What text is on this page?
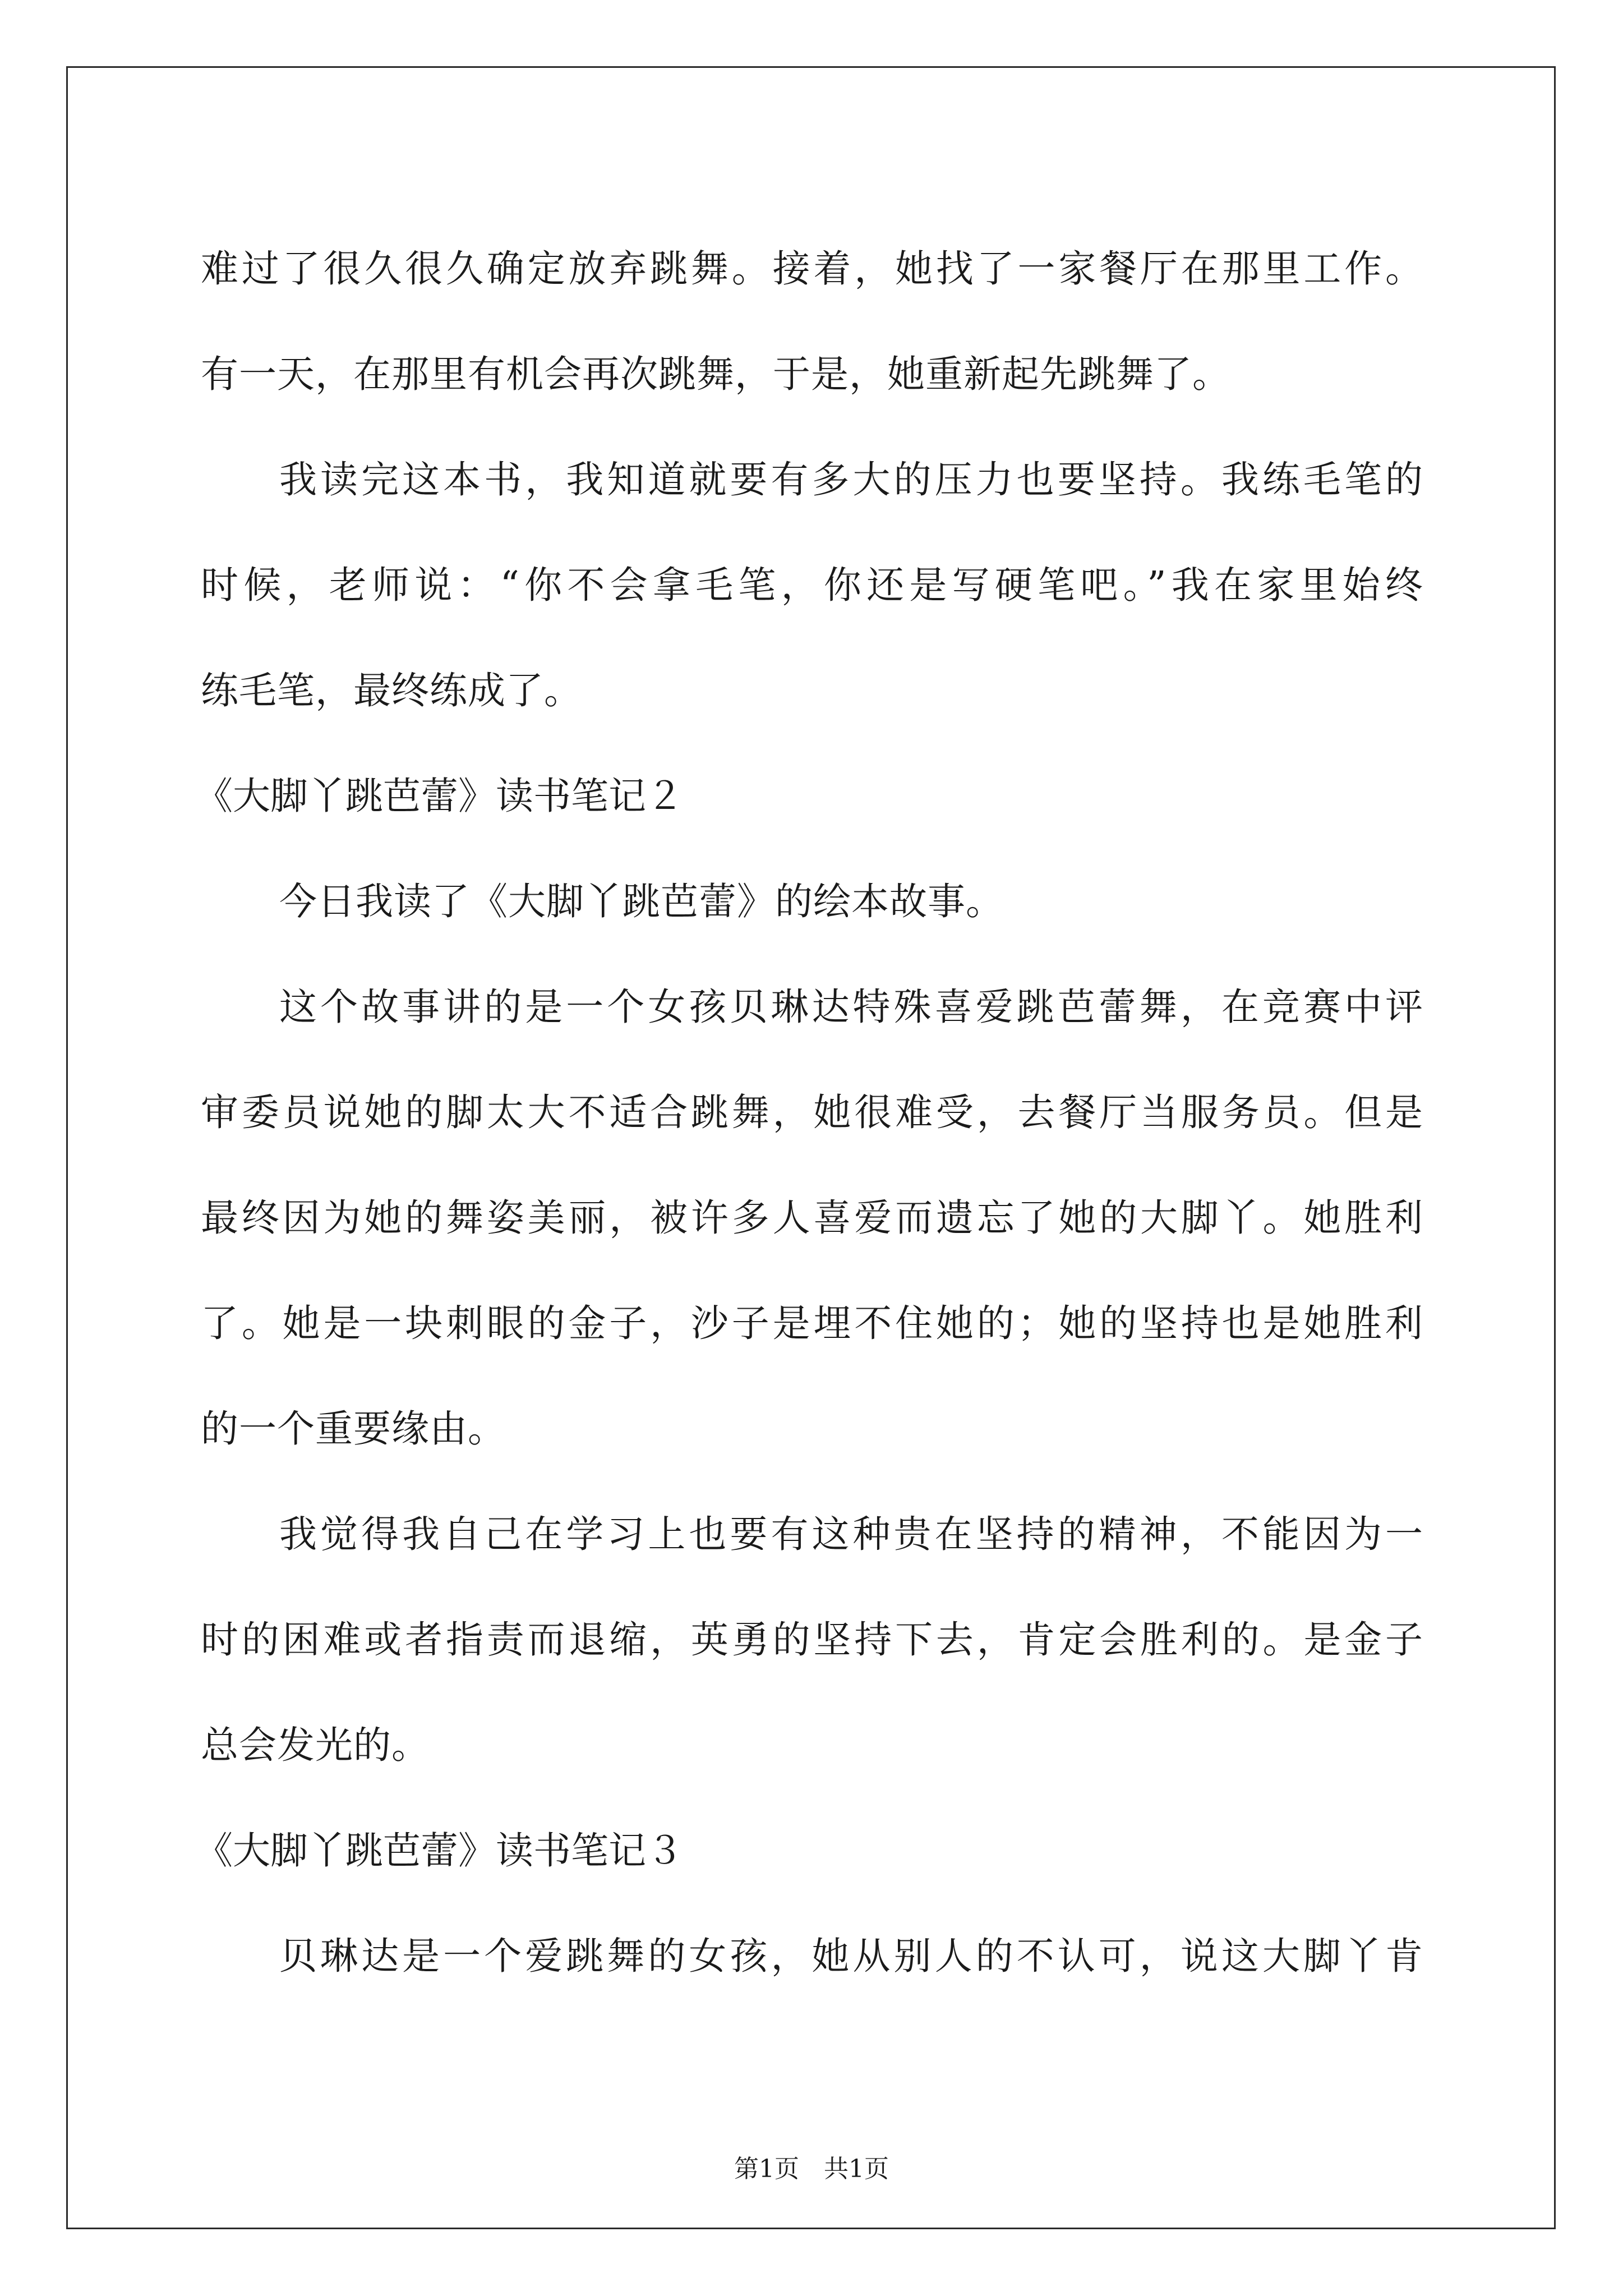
难过了很久很久确定放弃跳舞。接着，她找了一家餐厅在那里工作。
有一天，在那里有机会再次跳舞，于是，她重新起先跳舞了。
我读完这本书，我知道就要有多大的压力也要坚持。我练毛笔的
时候，老师说：“你不会拿毛笔，你还是写硬笔吧。”我在家里始终
练毛笔，最终练成了。
《大脚丫跳芭蕾》读书笔记２
今日我读了《大脚丫跳芭蕾》的绘本故事。
这个故事讲的是一个女孩贝琳达特殊喜爱跳芭蕾舞，在竞赛中评
审委员说她的脚太大不适合跳舞，她很难受，去餐厅当服务员。但是
最终因为她的舞姿美丽，被许多人喜爱而遗忘了她的大脚丫。她胜利
了。她是一块刺眼的金子，沙子是埋不住她的；她的坚持也是她胜利
的一个重要缘由。
我觉得我自己在学习上也要有这种贵在坚持的精神，不能因为一
时的困难或者指责而退缩，英勇的坚持下去，肯定会胜利的。是金子
总会发光的。
《大脚丫跳芭蕾》读书笔记３
贝琳达是一个爱跳舞的女孩，她从别人的不认可，说这大脚丫肯
第1页　共1页
